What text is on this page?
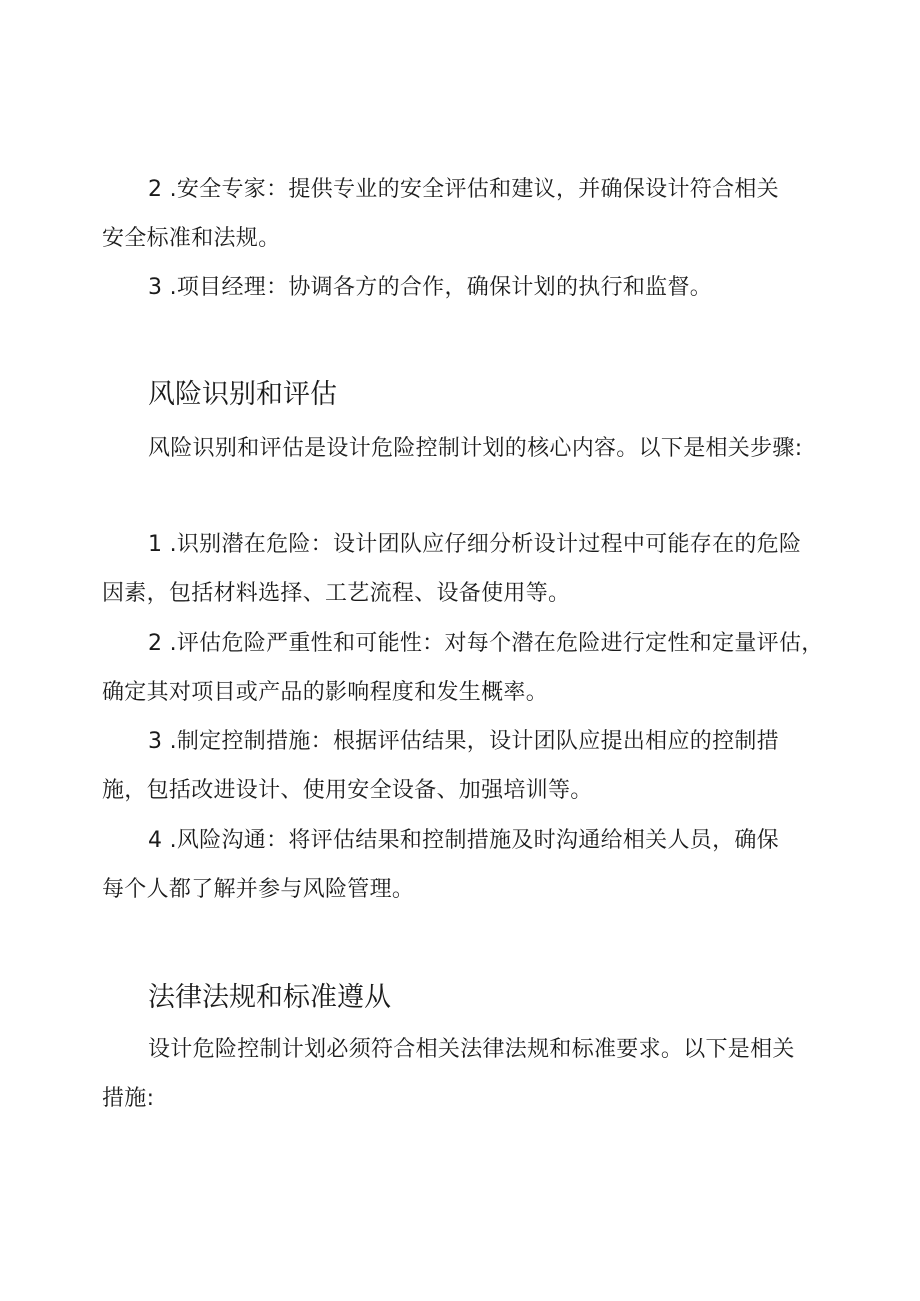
2 .安全专家：提供专业的安全评估和建议，并确保设计符合相关
安全标准和法规。
3 .项目经理：协调各方的合作，确保计划的执行和监督。
风险识别和评估
风险识别和评估是设计危险控制计划的核心内容。以下是相关步骤:
1 .识别潜在危险：设计团队应仔细分析设计过程中可能存在的危险
因素，包括材料选择、工艺流程、设备使用等。
2 .评估危险严重性和可能性：对每个潜在危险进行定性和定量评估，
确定其对项目或产品的影响程度和发生概率。
3 .制定控制措施：根据评估结果，设计团队应提出相应的控制措
施，包括改进设计、使用安全设备、加强培训等。
4 .风险沟通：将评估结果和控制措施及时沟通给相关人员，确保
每个人都了解并参与风险管理。
法律法规和标准遵从
设计危险控制计划必须符合相关法律法规和标准要求。以下是相关
措施:
